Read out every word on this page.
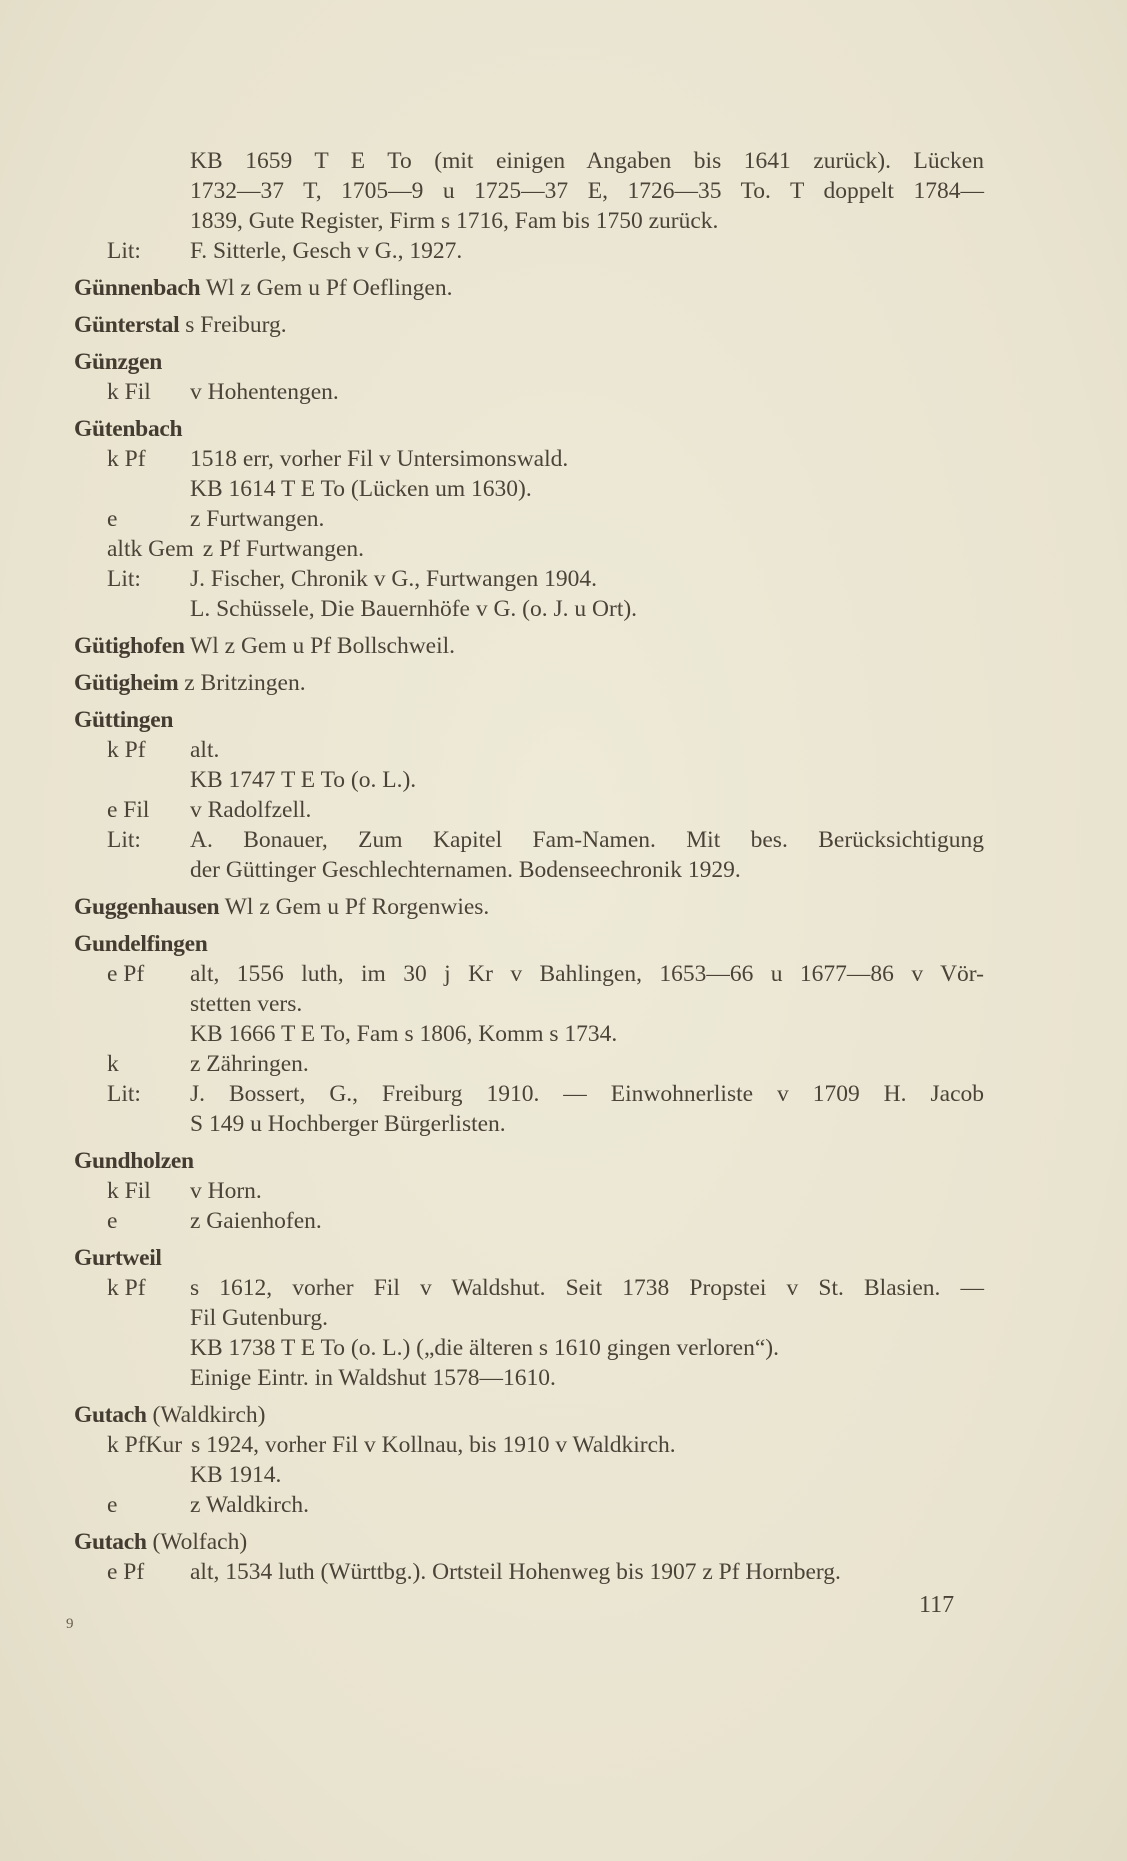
KB 1659 T E To (mit einigen Angaben bis 1641 zurück). Lücken
1732—37 T, 1705—9 u 1725—37 E, 1726—35 To. T doppelt 1784—
1839, Gute Register, Firm s 1716, Fam bis 1750 zurück.
Lit:	F. Sitterle, Gesch v G., 1927.
Günnenbach Wl z Gem u Pf Oeflingen.
Günterstal s Freiburg.
Günzgen
k Fil	v Hohentengen.
Gütenbach
k Pf	1518 err, vorher Fil v Untersimonswald.
KB 1614 T E To (Lücken um 1630).
e	z Furtwangen.
altk Gem z Pf Furtwangen.
Lit:	J. Fischer, Chronik v G., Furtwangen 1904.
L. Schüssele, Die Bauernhöfe v G. (o. J. u Ort).
Gütighofen Wl z Gem u Pf Bollschweil.
Gütigheim z Britzingen.
Güttingen
k Pf	alt.
KB 1747 T E To (o. L.).
e Fil	v Radolfzell.
Lit:	A. Bonauer, Zum Kapitel Fam-Namen. Mit bes. Berücksichtigung
der Güttinger Geschlechternamen. Bodenseechronik 1929.
Guggenhausen Wl z Gem u Pf Rorgenwies.
Gundelfingen
e Pf	alt, 1556 luth, im 30 j Kr v Bahlingen, 1653—66 u 1677—86 v Vör-
stetten vers.
KB 1666 T E To, Fam s 1806, Komm s 1734.
k	z Zähringen.
Lit:	J. Bossert, G., Freiburg 1910. — Einwohnerliste v 1709 H. Jacob
S 149 u Hochberger Bürgerlisten.
Gundholzen
k Fil	v Horn.
e	z Gaienhofen.
Gurtweil
k Pf	s 1612, vorher Fil v Waldshut. Seit 1738 Propstei v St. Blasien. —
Fil Gutenburg.
KB 1738 T E To (o. L.) („die älteren s 1610 gingen verloren“).
Einige Eintr. in Waldshut 1578—1610.
Gutach (Waldkirch)
k PfKur s 1924, vorher Fil v Kollnau, bis 1910 v Waldkirch.
KB 1914.
e	z Waldkirch.
Gutach (Wolfach)
e Pf	alt, 1534 luth (Württbg.). Ortsteil Hohenweg bis 1907 z Pf Hornberg.
117
9
